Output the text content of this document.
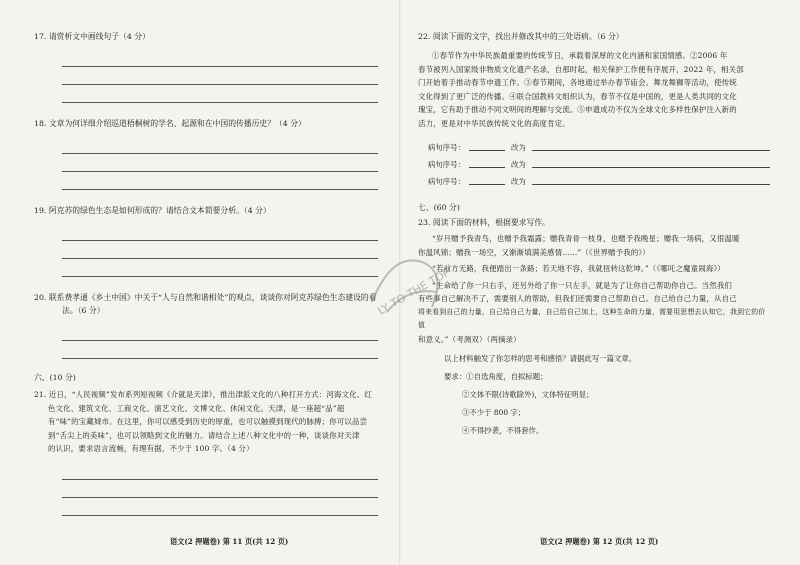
17. 请赏析文中画线句子（4 分）

18. 文章为何详细介绍巡道梧桐树的学名、起源和在中国的传播历史？（4 分）

19. 阿克苏的绿色生态是如何形成的？请结合文本简要分析。（4 分）

20. 联系费孝通《乡土中国》中关于“人与自然和谐相处”的观点，谈谈你对阿克苏绿色生态建设的看

法。（6 分）

六、(10 分)

21. 近日，“人民视频”发布系列短视频《介就是天津》，推出津派文化的八种打开方式：河海文化、红

色文化、建筑文化、工商文化、演艺文化、文博文化、休闲文化。天津，是一座超“品”超

有“味”的宝藏城市。在这里，你可以感受到历史的厚重，也可以触摸到现代的脉搏；你可以品尝

到“舌尖上的美味”，也可以领略到文化的魅力。请结合上述八种文化中的一种，谈谈你对天津

的认识，要求语言流畅，有理有据，不少于 100 字。（4 分）

22. 阅读下面的文字，找出并修改其中的三处语病。（6 分）

①春节作为中华民族最重要的传统节日，承载着深厚的文化内涵和家国情感。②2006 年

春节被列入国家级非物质文化遗产名录，自那时起，相关保护工作便有序展开，2022 年，相关部

门开始着手推动春节申遗工作。③春节期间，各地通过举办春节庙会、舞龙舞狮等活动，使传统

文化得到了更广泛的传播。④联合国教科文组织认为，春节不仅是中国的，更是人类共同的文化

瑰宝，它有助于推动不同文明间的理解与交流。⑤申遗成功不仅为全球文化多样性保护注入新的

活力，更是对中华民族传统文化的高度肯定。

病句序号：	改为
病句序号：	改为
病句序号：	改为

七、(60 分)

23. 阅读下面的材料，根据要求写作。

“岁月赠予我青鸟，也赠予我霜露；赠我青骨一枝身，也赠予我晚星；赠我一场病，又很温暖

你温风锦；赠我一场空，又渐渐填满美感情……”（《世界赠予我的》）

“若前方无路，我便踏出一条路；若天地不容，我就扭转这乾坤。”（《哪吒之魔童闹海》）

“生命给了你一只右手，还另外给了你一只左手，就是为了让你自己帮助你自己。当然我们

有些事自己解决不了，需要别人的帮助，但我们还需要自己帮助自己。自己给自己力量，从自己

将来看到自己的力量，自己给自己力量，自己给自己加上，这种生命的力量，需要用思想去认知它，我到它的价值

和意义。”（考测双）（两摘录）

以上材料触发了你怎样的思考和感悟？请据此写一篇文章。

要求：①自选角度，自拟标题；

②文体不限(诗歌除外)，文体特征明显；

③不少于 800 字；

④不得抄袭，不得套作。

语文(2 押题卷) 第 11 页(共 12 页)	语文(2 押题卷) 第 12 页(共 12 页)
LY TO THE TOP
